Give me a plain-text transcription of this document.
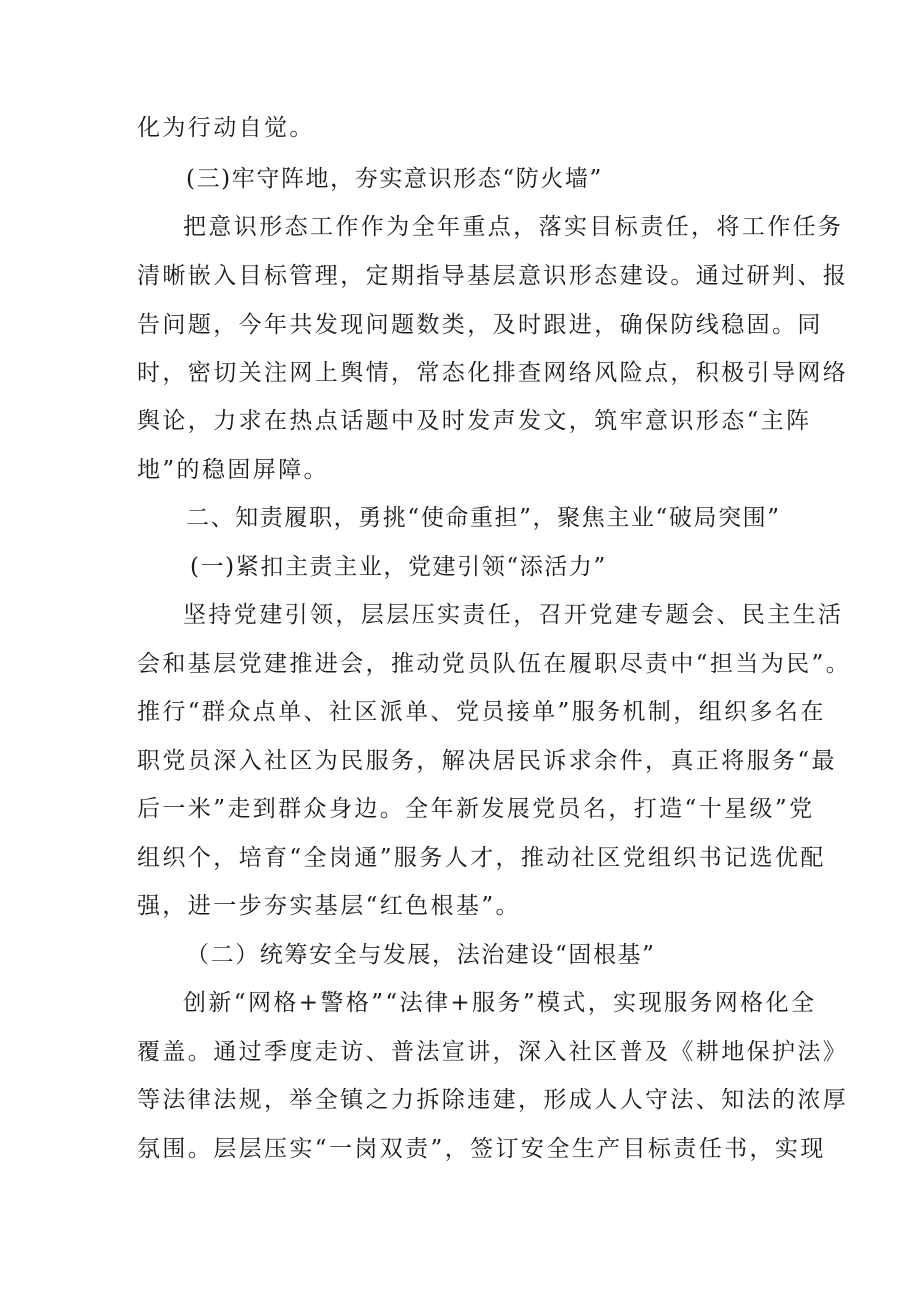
化为行动自觉。

(三)牢守阵地，夯实意识形态“防火墙”

把意识形态工作作为全年重点，落实目标责任，将工作任务

清晰嵌入目标管理，定期指导基层意识形态建设。通过研判、报

告问题，今年共发现问题数类，及时跟进，确保防线稳固。同

时，密切关注网上舆情，常态化排查网络风险点，积极引导网络

舆论，力求在热点话题中及时发声发文，筑牢意识形态“主阵

地”的稳固屏障。

二、知责履职，勇挑“使命重担”，聚焦主业“破局突围”

(一)紧扣主责主业，党建引领“添活力”

坚持党建引领，层层压实责任，召开党建专题会、民主生活

会和基层党建推进会，推动党员队伍在履职尽责中“担当为民”。

推行“群众点单、社区派单、党员接单”服务机制，组织多名在

职党员深入社区为民服务，解决居民诉求余件，真正将服务“最

后一米”走到群众身边。全年新发展党员名，打造“十星级”党

组织个，培育“全岗通”服务人才，推动社区党组织书记选优配

强，进一步夯实基层“红色根基”。

（二）统筹安全与发展，法治建设“固根基”

创新“网格+警格”“法律+服务”模式，实现服务网格化全

覆盖。通过季度走访、普法宣讲，深入社区普及《耕地保护法》

等法律法规，举全镇之力拆除违建，形成人人守法、知法的浓厚

氛围。层层压实“一岗双责”，签订安全生产目标责任书，实现
